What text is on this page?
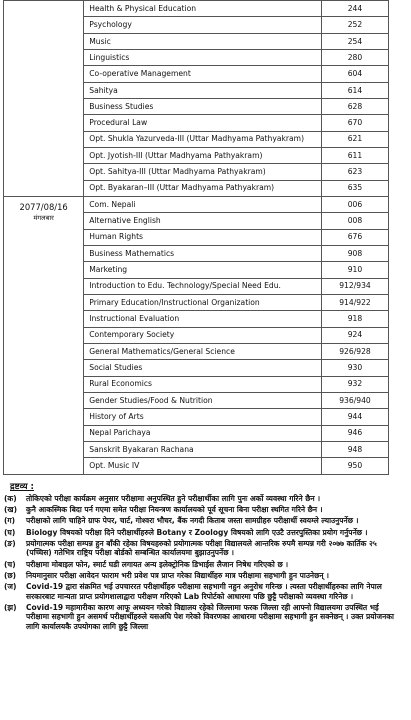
	Health & Physical Education	244
	Psychology	252
	Music	254
	Linguistics	280
	Co-operative Management	604
	Sahitya	614
	Business Studies	628
	Procedural Law	670
	Opt. Shukla Yazurveda-III (Uttar Madhyama Pathyakram)	621
	Opt. Jyotish-III (Uttar Madhyama Pathyakram)	611
	Opt. Sahitya-III (Uttar Madhyama Pathyakram)	623
	Opt. Byakaran–III (Uttar Madhyama Pathyakram)	635

2077/08/16
मंगलबार	Com. Nepali	006
	Alternative English	008
	Human Rights	676
	Business Mathematics	908
	Marketing	910
	Introduction to Edu. Technology/Special Need Edu.	912/934
	Primary Education/Instructional Organization	914/922
	Instructional Evaluation	918
	Contemporary Society	924
	General Mathematics/General Science	926/928
	Social Studies	930
	Rural Economics	932
	Gender Studies/Food & Nutrition	936/940
	History of Arts	944
	Nepal Parichaya	946
	Sanskrit Byakaran Rachana	948
	Opt. Music IV	950
द्रष्टव्य :
(क)	तोकिएको परीक्षा कार्यक्रम अनुसार परीक्षामा अनुपस्थित हुने परीक्षार्थीका लागि पुनः अर्को व्यवस्था गरिने छैन ।
(ख)	कुनै आकस्मिक बिदा पर्न गएमा समेत परीक्षा नियन्त्रण कार्यालयको पूर्व सूचना बिना परीक्षा स्थगित गरिने छैन ।
(ग)	परीक्षाको लागि चाहिने ग्राफ पेपर, चार्ट, गोश्वरा भौचर, बैंक नगदी किताब जस्ता सामग्रीहरु परीक्षार्थी स्वयम्ले ल्याउनुपर्नेछ ।
(घ)	Biology विषयको परीक्षा दिने परीक्षार्थीहरुले Botany र Zoology विषयको लागि एउटै उत्तरपुस्तिका प्रयोग गर्नुपर्नेछ ।
(ङ)	प्रयोगात्मक परीक्षा सम्पन्न हुन बाँकी रहेका विषयहरुको प्रयोगात्मक परीक्षा विद्यालयले आन्तरिक रुपमै सम्पन्न गरी २०७७ कार्तिक २५ (पच्चिस) गतेभित्र राष्ट्रिय परीक्षा बोर्डको सम्बन्धित कार्यालयमा बुझाउनुपर्नेछ ।
(च)	परीक्षामा मोबाइल फोन, स्मार्ट घडी लगायत अन्य इलेक्ट्रोनिक डिभाईस लैजान निषेध गरिएको छ ।
(छ)	नियमानुसार परीक्षा आवेदन फाराम भरी प्रवेश पत्र प्राप्त गरेका विद्यार्थीहरु मात्र परीक्षामा सहभागी हुन पाउनेछन् ।
(ज)	Covid-19 द्वारा संक्रमित भई उपचाररत परीक्षार्थीहरु परीक्षामा सहभागी नहुन अनुरोध गरिन्छ । त्यस्ता परीक्षार्थीहरुका लागि नेपाल सरकारबाट मान्यता प्राप्त प्रयोगशालाद्वारा परीक्षण गरिएको Lab रिपोर्टको आधारमा पछि छुट्टै परीक्षाको व्यवस्था गरिनेछ ।
(झ)	Covid-19 महामारीका कारण आफू अध्ययन गरेको विद्यालय रहेको जिल्लामा फरक जिल्ला रही आफ्नो विद्यालयमा उपस्थित भई परीक्षामा सहभागी हुन असमर्थ परीक्षार्थीहरुले यसअघि पेश गरेको विवरणका आधारमा परीक्षामा सहभागी हुन सक्नेछन् । उक्त प्रयोजनका लागि कार्यालयकै उपयोगका लागि छुट्टै जिल्ला
